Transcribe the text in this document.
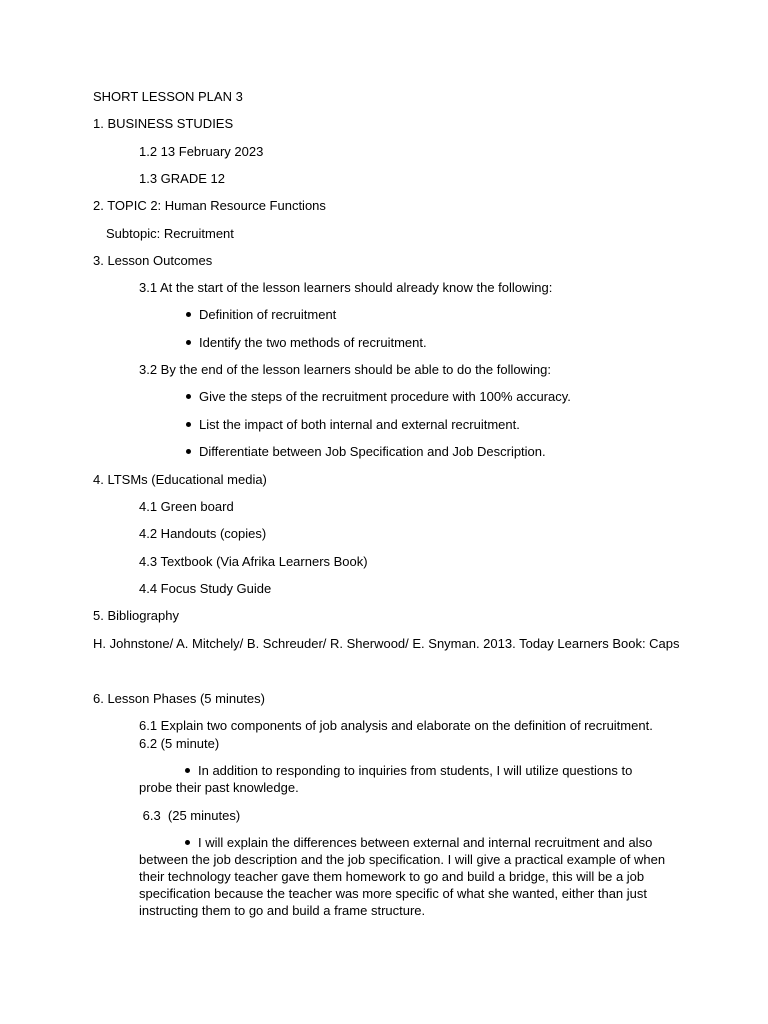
SHORT LESSON PLAN 3
1. BUSINESS STUDIES
1.2 13 February 2023
1.3 GRADE 12
2. TOPIC 2: Human Resource Functions
Subtopic: Recruitment
3. Lesson Outcomes
3.1 At the start of the lesson learners should already know the following:
Definition of recruitment
Identify the two methods of recruitment.
3.2 By the end of the lesson learners should be able to do the following:
Give the steps of the recruitment procedure with 100% accuracy.
List the impact of both internal and external recruitment.
Differentiate between Job Specification and Job Description.
4. LTSMs (Educational media)
4.1 Green board
4.2 Handouts (copies)
4.3 Textbook (Via Afrika Learners Book)
4.4 Focus Study Guide
5. Bibliography
H. Johnstone/ A. Mitchely/ B. Schreuder/ R. Sherwood/ E. Snyman. 2013. Today Learners Book: Caps
6. Lesson Phases (5 minutes)
6.1 Explain two components of job analysis and elaborate on the definition of recruitment.
6.2 (5 minute)
In addition to responding to inquiries from students, I will utilize questions to probe their past knowledge.
6.3  (25 minutes)
I will explain the differences between external and internal recruitment and also between the job description and the job specification. I will give a practical example of when their technology teacher gave them homework to go and build a bridge, this will be a job specification because the teacher was more specific of what she wanted, either than just instructing them to go and build a frame structure.
